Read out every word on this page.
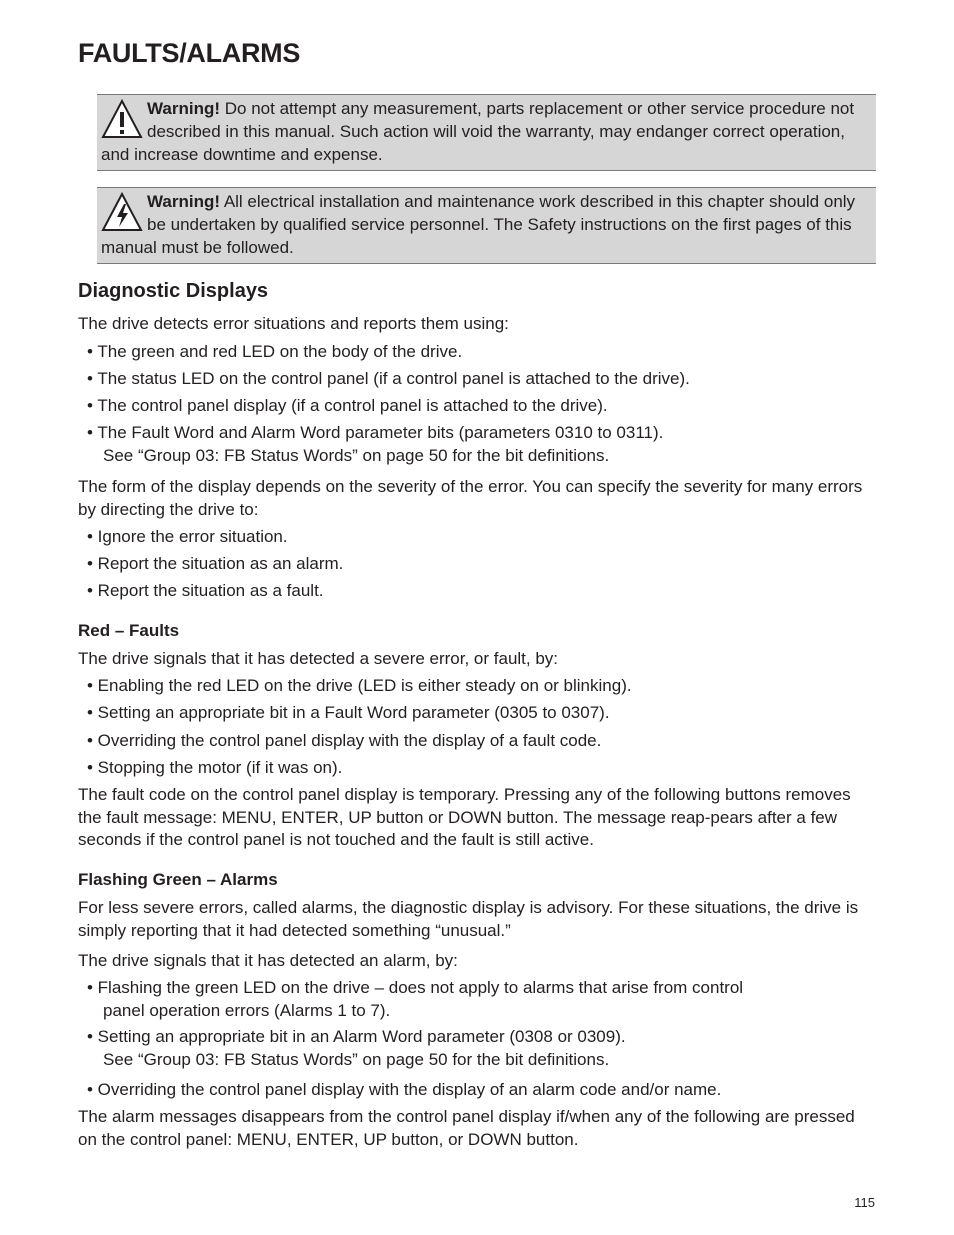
FAULTS/ALARMS
Warning! Do not attempt any measurement, parts replacement or other service procedure not described in this manual. Such action will void the warranty, may endanger correct operation, and increase downtime and expense.
Warning! All electrical installation and maintenance work described in this chapter should only be undertaken by qualified service personnel. The Safety instructions on the first pages of this manual must be followed.
Diagnostic Displays
The drive detects error situations and reports them using:
• The green and red LED on the body of the drive.
• The status LED on the control panel (if a control panel is attached to the drive).
• The control panel display (if a control panel is attached to the drive).
• The Fault Word and Alarm Word parameter bits (parameters 0310 to 0311).
See “Group 03: FB Status Words” on page 50 for the bit definitions.
The form of the display depends on the severity of the error. You can specify the severity for many errors by directing the drive to:
• Ignore the error situation.
• Report the situation as an alarm.
• Report the situation as a fault.
Red – Faults
The drive signals that it has detected a severe error, or fault, by:
• Enabling the red LED on the drive (LED is either steady on or blinking).
• Setting an appropriate bit in a Fault Word parameter (0305 to 0307).
• Overriding the control panel display with the display of a fault code.
• Stopping the motor (if it was on).
The fault code on the control panel display is temporary. Pressing any of the following buttons removes the fault message: MENU, ENTER, UP button or DOWN button. The message reap-pears after a few seconds if the control panel is not touched and the fault is still active.
Flashing Green – Alarms
For less severe errors, called alarms, the diagnostic display is advisory. For these situations, the drive is simply reporting that it had detected something “unusual.”
The drive signals that it has detected an alarm, by:
• Flashing the green LED on the drive – does not apply to alarms that arise from control
panel operation errors (Alarms 1 to 7).
• Setting an appropriate bit in an Alarm Word parameter (0308 or 0309).
See “Group 03: FB Status Words” on page 50 for the bit definitions.
• Overriding the control panel display with the display of an alarm code and/or name.
The alarm messages disappears from the control panel display if/when any of the following are pressed on the control panel: MENU, ENTER, UP button, or DOWN button.
115
